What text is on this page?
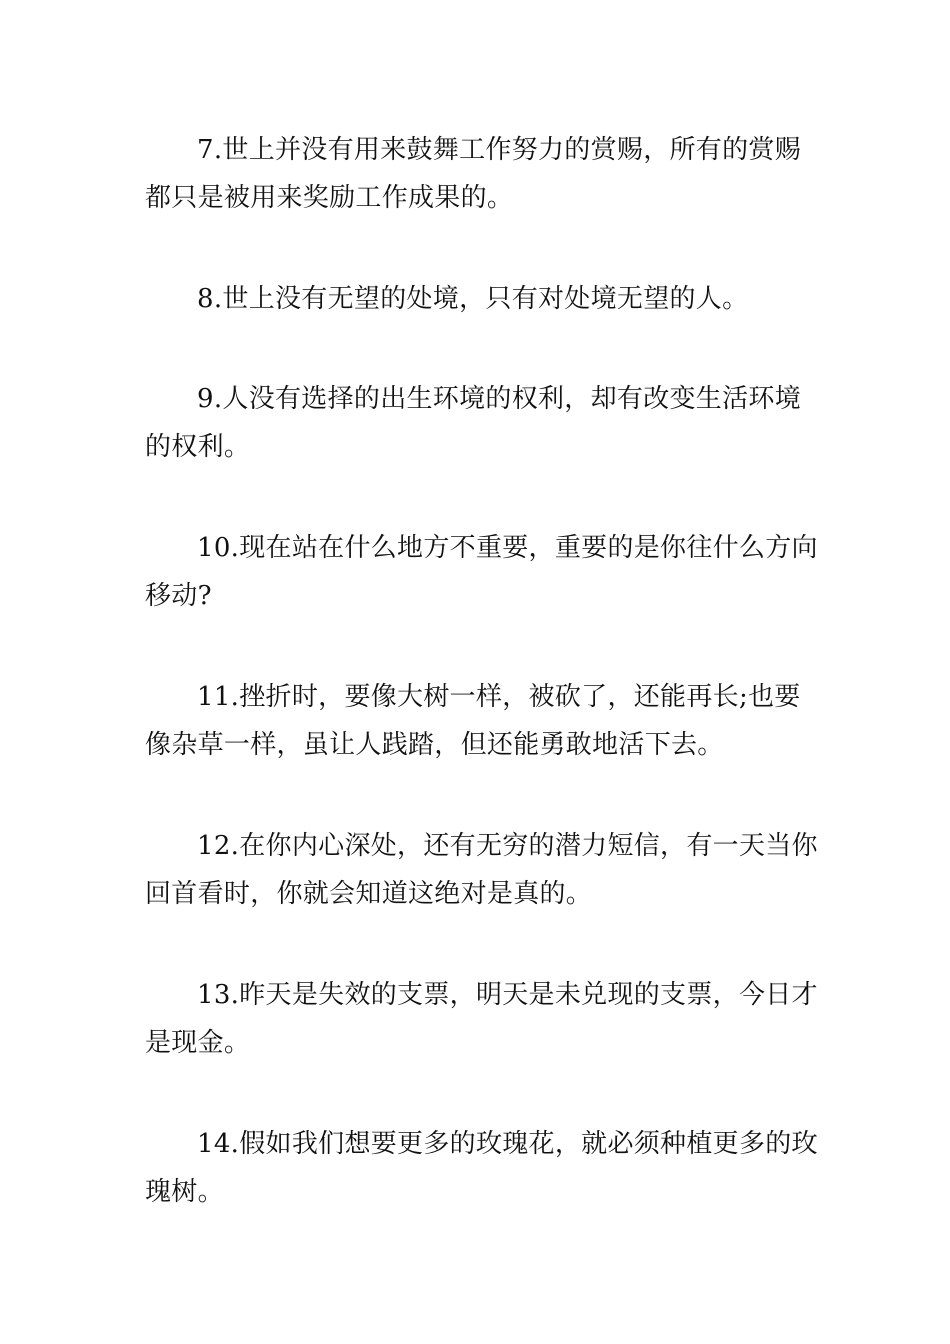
7.世上并没有用来鼓舞工作努力的赏赐，所有的赏赐
都只是被用来奖励工作成果的。

8.世上没有无望的处境，只有对处境无望的人。

9.人没有选择的出生环境的权利，却有改变生活环境
的权利。

10.现在站在什么地方不重要，重要的是你往什么方向
移动?

11.挫折时，要像大树一样，被砍了，还能再长;也要
像杂草一样，虽让人践踏，但还能勇敢地活下去。

12.在你内心深处，还有无穷的潜力短信，有一天当你
回首看时，你就会知道这绝对是真的。

13.昨天是失效的支票，明天是未兑现的支票，今日才
是现金。

14.假如我们想要更多的玫瑰花，就必须种植更多的玫
瑰树。
